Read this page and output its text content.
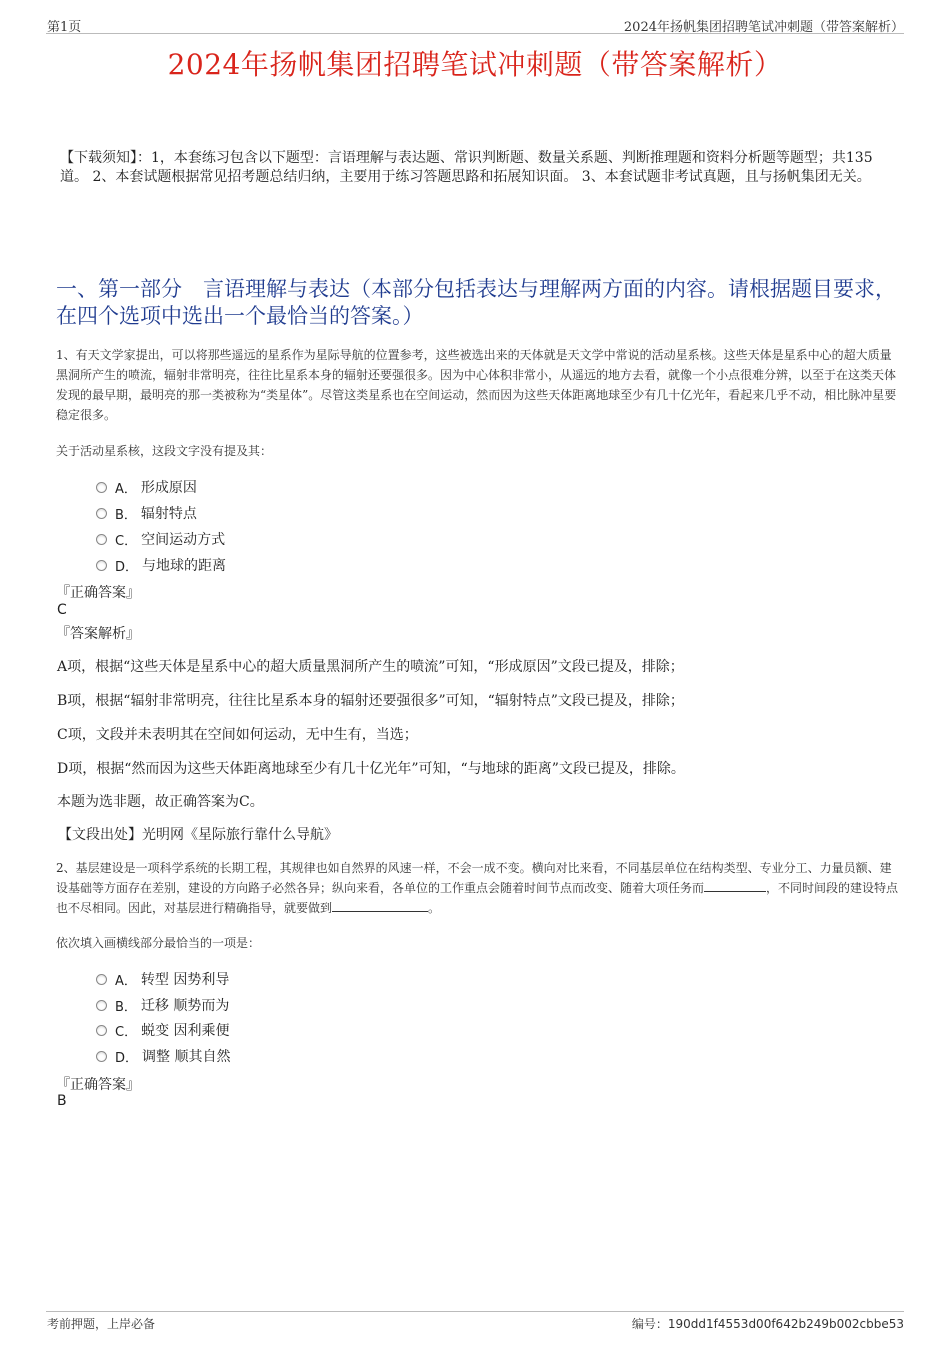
第1页	2024年扬帆集团招聘笔试冲刺题（带答案解析）
2024年扬帆集团招聘笔试冲刺题（带答案解析）
【下载须知】：1，本套练习包含以下题型：言语理解与表达题、常识判断题、数量关系题、判断推理题和资料分析题等题型；共135道。 2、本套试题根据常见招考题总结归纳，主要用于练习答题思路和拓展知识面。 3、本套试题非考试真题，且与扬帆集团无关。
一、第一部分　言语理解与表达（本部分包括表达与理解两方面的内容。请根据题目要求，在四个选项中选出一个最恰当的答案。）
1、有天文学家提出，可以将那些遥远的星系作为星际导航的位置参考，这些被选出来的天体就是天文学中常说的活动星系核。这些天体是星系中心的超大质量黑洞所产生的喷流，辐射非常明亮，往往比星系本身的辐射还要强很多。因为中心体积非常小，从遥远的地方去看，就像一个小点很难分辨，以至于在这类天体发现的最早期，最明亮的那一类被称为“类星体”。尽管这类星系也在空间运动，然而因为这些天体距离地球至少有几十亿光年，看起来几乎不动，相比脉冲星要稳定很多。
关于活动星系核，这段文字没有提及其：
A． 形成原因
B． 辐射特点
C． 空间运动方式
D． 与地球的距离
『正确答案』
C
『答案解析』
A项，根据“这些天体是星系中心的超大质量黑洞所产生的喷流”可知，“形成原因”文段已提及，排除；
B项，根据“辐射非常明亮，往往比星系本身的辐射还要强很多”可知，“辐射特点”文段已提及，排除；
C项，文段并未表明其在空间如何运动，无中生有，当选；
D项，根据“然而因为这些天体距离地球至少有几十亿光年”可知，“与地球的距离”文段已提及，排除。
本题为选非题，故正确答案为C。
【文段出处】光明网《星际旅行靠什么导航》
2、基层建设是一项科学系统的长期工程，其规律也如自然界的风速一样，不会一成不变。横向对比来看，不同基层单位在结构类型、专业分工、力量员额、建设基础等方面存在差别，建设的方向路子必然各异；纵向来看，各单位的工作重点会随着时间节点而改变、随着大项任务而	，不同时间段的建设特点也不尽相同。因此，对基层进行精确指导，就要做到	。
依次填入画横线部分最恰当的一项是：
A． 转型 因势利导
B． 迁移 顺势而为
C． 蜕变 因利乘便
D． 调整 顺其自然
『正确答案』
B
考前押题，上岸必备	编号：190dd1f4553d00f642b249b002cbbe53
